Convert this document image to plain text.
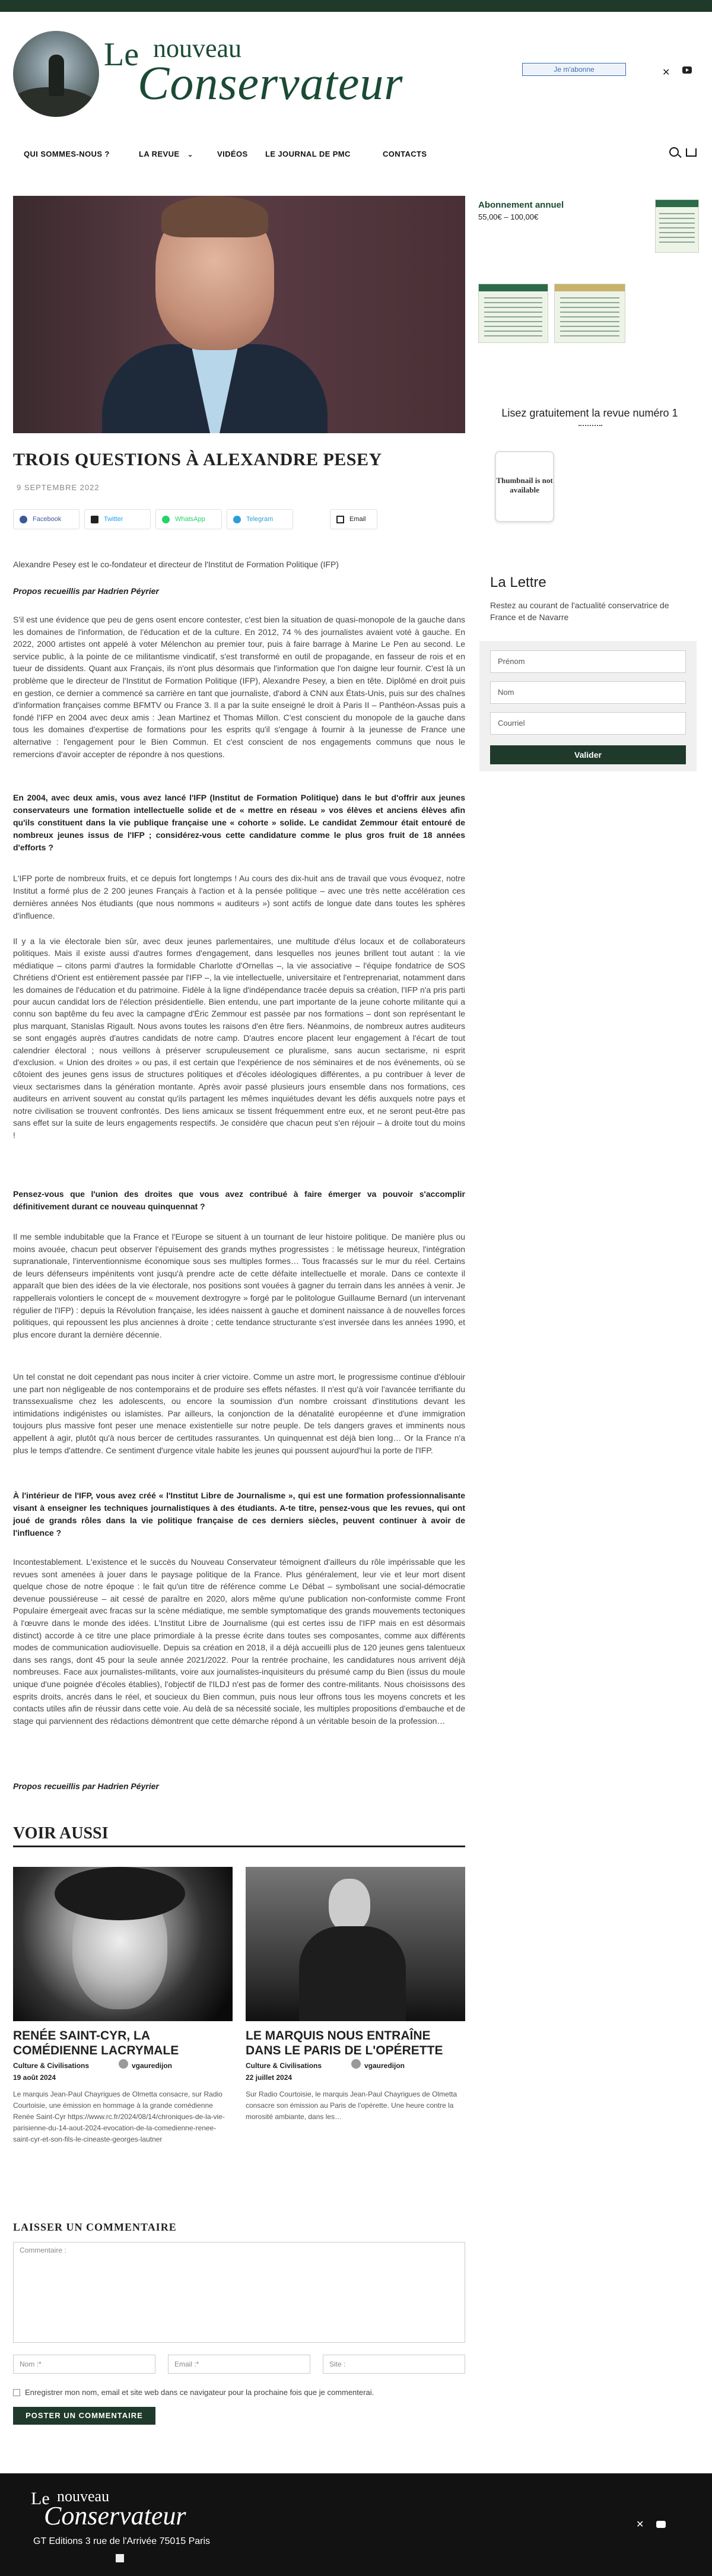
Le nouveau
Conservateur	Je m'abonne	✕
QUI SOMMES-NOUS ?	LA REVUE ⌄	VIDÉOS LE JOURNAL DE PMC	CONTACTS
Abonnement annuel
55,00€ – 100,00€
Lisez gratuitement la revue numéro 1
Thumbnail is not available
La Lettre
Restez au courant de l'actualité conservatrice de France et de Navarre
Prénom
Nom
Courriel
Valider
TROIS QUESTIONS À ALEXANDRE PESEY
9 SEPTEMBRE 2022
Facebook	Twitter	WhatsApp	Telegram	Email

Alexandre Pesey est le co-fondateur et directeur de l'Institut de Formation Politique (IFP)

Propos recueillis par Hadrien Péyrier

S'il est une évidence que peu de gens osent encore contester, c'est bien la situation de quasi-monopole de la gauche dans les domaines de l'information, de l'éducation et de la culture. En 2012, 74 % des journalistes avaient voté à gauche. En 2022, 2000 artistes ont appelé à voter Mélenchon au premier tour, puis à faire barrage à Marine Le Pen au second. Le service public, à la pointe de ce militantisme vindicatif, s'est transformé en outil de propagande, en fasseur de rois et en tueur de dissidents. Quant aux Français, ils n'ont plus désormais que l'information que l'on daigne leur fournir. C'est là un problème que le directeur de l'Institut de Formation Politique (IFP), Alexandre Pesey, a bien en tête. Diplômé en droit puis en gestion, ce dernier a commencé sa carrière en tant que journaliste, d'abord à CNN aux États-Unis, puis sur des chaînes d'information françaises comme BFMTV ou France 3. Il a par la suite enseigné le droit à Paris II – Panthéon-Assas puis a fondé l'IFP en 2004 avec deux amis : Jean Martinez et Thomas Millon. C'est conscient du monopole de la gauche dans tous les domaines d'expertise de formations pour les esprits qu'il s'engage à fournir à la jeunesse de France une alternative : l'engagement pour le Bien Commun. Et c'est conscient de nos engagements communs que nous le remercions d'avoir accepter de répondre à nos questions.

En 2004, avec deux amis, vous avez lancé l'IFP (Institut de Formation Politique) dans le but d'offrir aux jeunes conservateurs une formation intellectuelle solide et de « mettre en réseau » vos élèves et anciens élèves afin qu'ils constituent dans la vie publique française une « cohorte » solide. Le candidat Zemmour était entouré de nombreux jeunes issus de l'IFP ; considérez-vous cette candidature comme le plus gros fruit de 18 années d'efforts ?

L'IFP porte de nombreux fruits, et ce depuis fort longtemps ! Au cours des dix-huit ans de travail que vous évoquez, notre Institut a formé plus de 2 200 jeunes Français à l'action et à la pensée politique – avec une très nette accélération ces dernières années Nos étudiants (que nous nommons « auditeurs ») sont actifs de longue date dans toutes les sphères d'influence.

Il y a la vie électorale bien sûr, avec deux jeunes parlementaires, une multitude d'élus locaux et de collaborateurs politiques. Mais il existe aussi d'autres formes d'engagement, dans lesquelles nos jeunes brillent tout autant : la vie médiatique – citons parmi d'autres la formidable Charlotte d'Ornellas –, la vie associative – l'équipe fondatrice de SOS Chrétiens d'Orient est entièrement passée par l'IFP –, la vie intellectuelle, universitaire et l'entreprenariat, notamment dans les domaines de l'éducation et du patrimoine. Fidèle à la ligne d'indépendance tracée depuis sa création, l'IFP n'a pris parti pour aucun candidat lors de l'élection présidentielle. Bien entendu, une part importante de la jeune cohorte militante qui a connu son baptême du feu avec la campagne d'Éric Zemmour est passée par nos formations – dont son représentant le plus marquant, Stanislas Rigault. Nous avons toutes les raisons d'en être fiers. Néanmoins, de nombreux autres auditeurs se sont engagés auprès d'autres candidats de notre camp. D'autres encore placent leur engagement à l'écart de tout calendrier électoral ; nous veillons à préserver scrupuleusement ce pluralisme, sans aucun sectarisme, ni esprit d'exclusion. « Union des droites » ou pas, il est certain que l'expérience de nos séminaires et de nos événements, où se côtoient des jeunes gens issus de structures politiques et d'écoles idéologiques différentes, a pu contribuer à lever de vieux sectarismes dans la génération montante. Après avoir passé plusieurs jours ensemble dans nos formations, ces auditeurs en arrivent souvent au constat qu'ils partagent les mêmes inquiétudes devant les défis auxquels notre pays et notre civilisation se trouvent confrontés. Des liens amicaux se tissent fréquemment entre eux, et ne seront peut-être pas sans effet sur la suite de leurs engagements respectifs. Je considère que chacun peut s'en réjouir – à droite tout du moins !

Pensez-vous que l'union des droites que vous avez contribué à faire émerger va pouvoir s'accomplir définitivement durant ce nouveau quinquennat ?

Il me semble indubitable que la France et l'Europe se situent à un tournant de leur histoire politique. De manière plus ou moins avouée, chacun peut observer l'épuisement des grands mythes progressistes : le métissage heureux, l'intégration supranationale, l'interventionnisme économique sous ses multiples formes… Tous fracassés sur le mur du réel. Certains de leurs défenseurs impénitents vont jusqu'à prendre acte de cette défaite intellectuelle et morale. Dans ce contexte il apparaît que bien des idées de la vie électorale, nos positions sont vouées à gagner du terrain dans les années à venir. Je rappellerais volontiers le concept de « mouvement dextrogyre » forgé par le politologue Guillaume Bernard (un intervenant régulier de l'IFP) : depuis la Révolution française, les idées naissent à gauche et dominent naissance à de nouvelles forces politiques, qui repoussent les plus anciennes à droite ; cette tendance structurante s'est inversée dans les années 1990, et plus encore durant la dernière décennie.

Un tel constat ne doit cependant pas nous inciter à crier victoire. Comme un astre mort, le progressisme continue d'éblouir une part non négligeable de nos contemporains et de produire ses effets néfastes. Il n'est qu'à voir l'avancée terrifiante du transsexualisme chez les adolescents, ou encore la soumission d'un nombre croissant d'institutions devant les intimidations indigénistes ou islamistes. Par ailleurs, la conjonction de la dénatalité européenne et d'une immigration toujours plus massive font peser une menace existentielle sur notre peuple. De tels dangers graves et imminents nous appellent à agir, plutôt qu'à nous bercer de certitudes rassurantes. Un quinquennat est déjà bien long… Or la France n'a plus le temps d'attendre. Ce sentiment d'urgence vitale habite les jeunes qui poussent aujourd'hui la porte de l'IFP.

À l'intérieur de l'IFP, vous avez créé « l'Institut Libre de Journalisme », qui est une formation professionnalisante visant à enseigner les techniques journalistiques à des étudiants. A-te titre, pensez-vous que les revues, qui ont joué de grands rôles dans la vie politique française de ces derniers siècles, peuvent continuer à avoir de l'influence ?

Incontestablement. L'existence et le succès du Nouveau Conservateur témoignent d'ailleurs du rôle impérissable que les revues sont amenées à jouer dans le paysage politique de la France. Plus généralement, leur vie et leur mort disent quelque chose de notre époque : le fait qu'un titre de référence comme Le Débat – symbolisant une social-démocratie devenue poussiéreuse – ait cessé de paraître en 2020, alors même qu'une publication non-conformiste comme Front Populaire émergeait avec fracas sur la scène médiatique, me semble symptomatique des grands mouvements tectoniques à l'œuvre dans le monde des idées. L'Institut Libre de Journalisme (qui est certes issu de l'IFP mais en est désormais distinct) accorde à ce titre une place primordiale à la presse écrite dans toutes ses composantes, comme aux différents modes de communication audiovisuelle. Depuis sa création en 2018, il a déjà accueilli plus de 120 jeunes gens talentueux dans ses rangs, dont 45 pour la seule année 2021/2022. Pour la rentrée prochaine, les candidatures nous arrivent déjà nombreuses. Face aux journalistes-militants, voire aux journalistes-inquisiteurs du présumé camp du Bien (issus du moule unique d'une poignée d'écoles établies), l'objectif de l'ILDJ n'est pas de former des contre-militants. Nous choisissons des esprits droits, ancrés dans le réel, et soucieux du Bien commun, puis nous leur offrons tous les moyens concrets et les contacts utiles afin de réussir dans cette voie. Au delà de sa nécessité sociale, les multiples propositions d'embauche et de stage qui parviennent des rédactions démontrent que cette démarche répond à un véritable besoin de la profession…

Propos recueillis par Hadrien Péyrier

VOIR AUSSI
RENÉE SAINT-CYR, LA COMÉDIENNE LACRYMALE
LE MARQUIS NOUS ENTRAÎNE DANS LE PARIS DE L'OPÉRETTE
Culture & Civilisations	vgauredijon	Culture & Civilisations	vgauredijon
19 août 2024	22 juillet 2024
Le marquis Jean-Paul Chayrigues de Olmetta consacre, sur Radio Courtoisie, une émission en hommage à la grande comédienne Renée Saint-Cyr https://www.rc.fr/2024/08/14/chroniques-de-la-vie-parisienne-du-14-aout-2024-evocation-de-la-comedienne-renee-saint-cyr-et-son-fils-le-cineaste-georges-lautner
Sur Radio Courtoisie, le marquis Jean-Paul Chayrigues de Olmetta consacre son émission au Paris de l'opérette. Une heure contre la morosité ambiante, dans les…
LAISSER UN COMMENTAIRE
Commentaire :
Nom :*	Email :*	Site :
Enregistrer mon nom, email et site web dans ce navigateur pour la prochaine fois que je commenterai.
POSTER UN COMMENTAIRE
Le nouveau
Conservateur
GT Editions 3 rue de l'Arrivée 75015 Paris
✕
